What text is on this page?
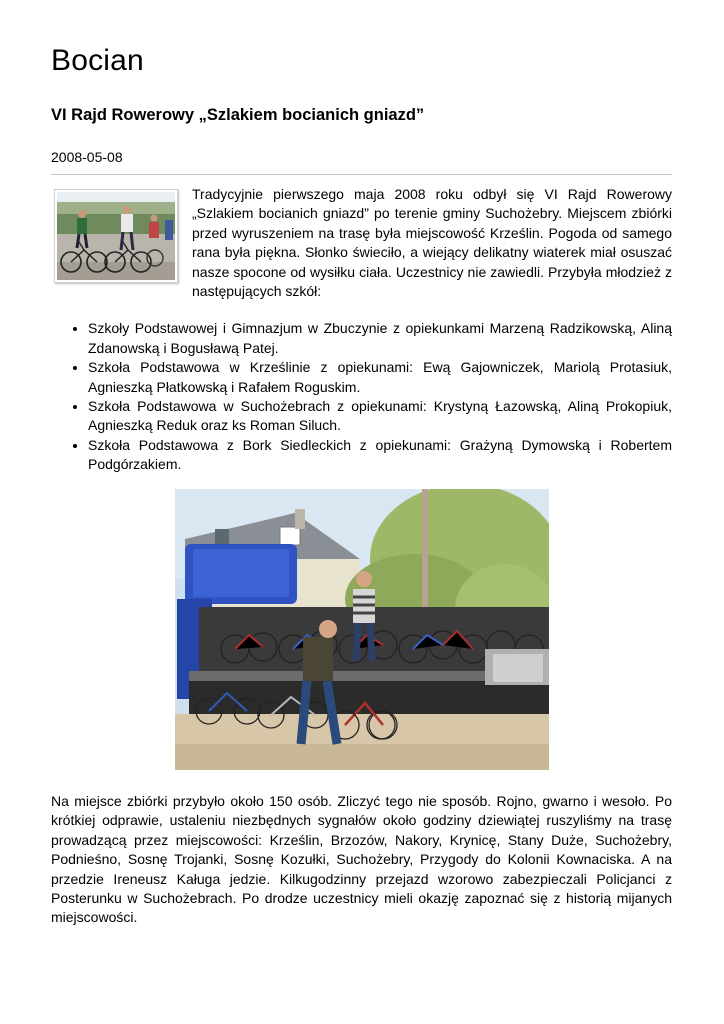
Bocian
VI Rajd Rowerowy „Szlakiem bocianich gniazd”
2008-05-08

Tradycyjnie pierwszego maja 2008 roku odbył się VI Rajd Rowerowy „Szlakiem bocianich gniazd” po terenie gminy Suchożebry. Miejscem zbiórki przed wyruszeniem na trasę była miejscowość Krześlin. Pogoda od samego rana była piękna. Słonko świeciło, a wiejący delikatny wiaterek miał osuszać nasze spocone od wysiłku ciała. Uczestnicy nie zawiedli. Przybyła młodzież z następujących szkół:

• Szkoły Podstawowej i Gimnazjum w Zbuczynie z opiekunkami Marzeną Radzikowską, Aliną Zdanowską i Bogusławą Patej.
• Szkoła Podstawowa w Krześlinie z opiekunami: Ewą Gajowniczek, Mariolą Protasiuk, Agnieszką Płatkowską i Rafałem Roguskim.
• Szkoła Podstawowa w Suchożebrach z opiekunami: Krystyną Łazowską, Aliną Prokopiuk, Agnieszką Reduk oraz ks Roman Siluch.
• Szkoła Podstawowa z Bork Siedleckich z opiekunami: Grażyną Dymowską i Robertem Podgórzakiem.

Na miejsce zbiórki przybyło około 150 osób. Zliczyć tego nie sposób. Rojno, gwarno i wesoło. Po krótkiej odprawie, ustaleniu niezbędnych sygnałów około godziny dziewiątej ruszyliśmy na trasę prowadzącą przez miejscowości: Krześlin, Brzozów, Nakory, Krynicę, Stany Duże, Suchożebry, Podnieśno, Sosnę Trojanki, Sosnę Kozułki, Suchożebry, Przygody do Kolonii Kownaciska. A na przedzie Ireneusz Kaługa jedzie. Kilkugodzinny przejazd wzorowo zabezpieczali Policjanci z Posterunku w Suchożebrach. Po drodze uczestnicy mieli okazję zapoznać się z historią mijanych miejscowości.
